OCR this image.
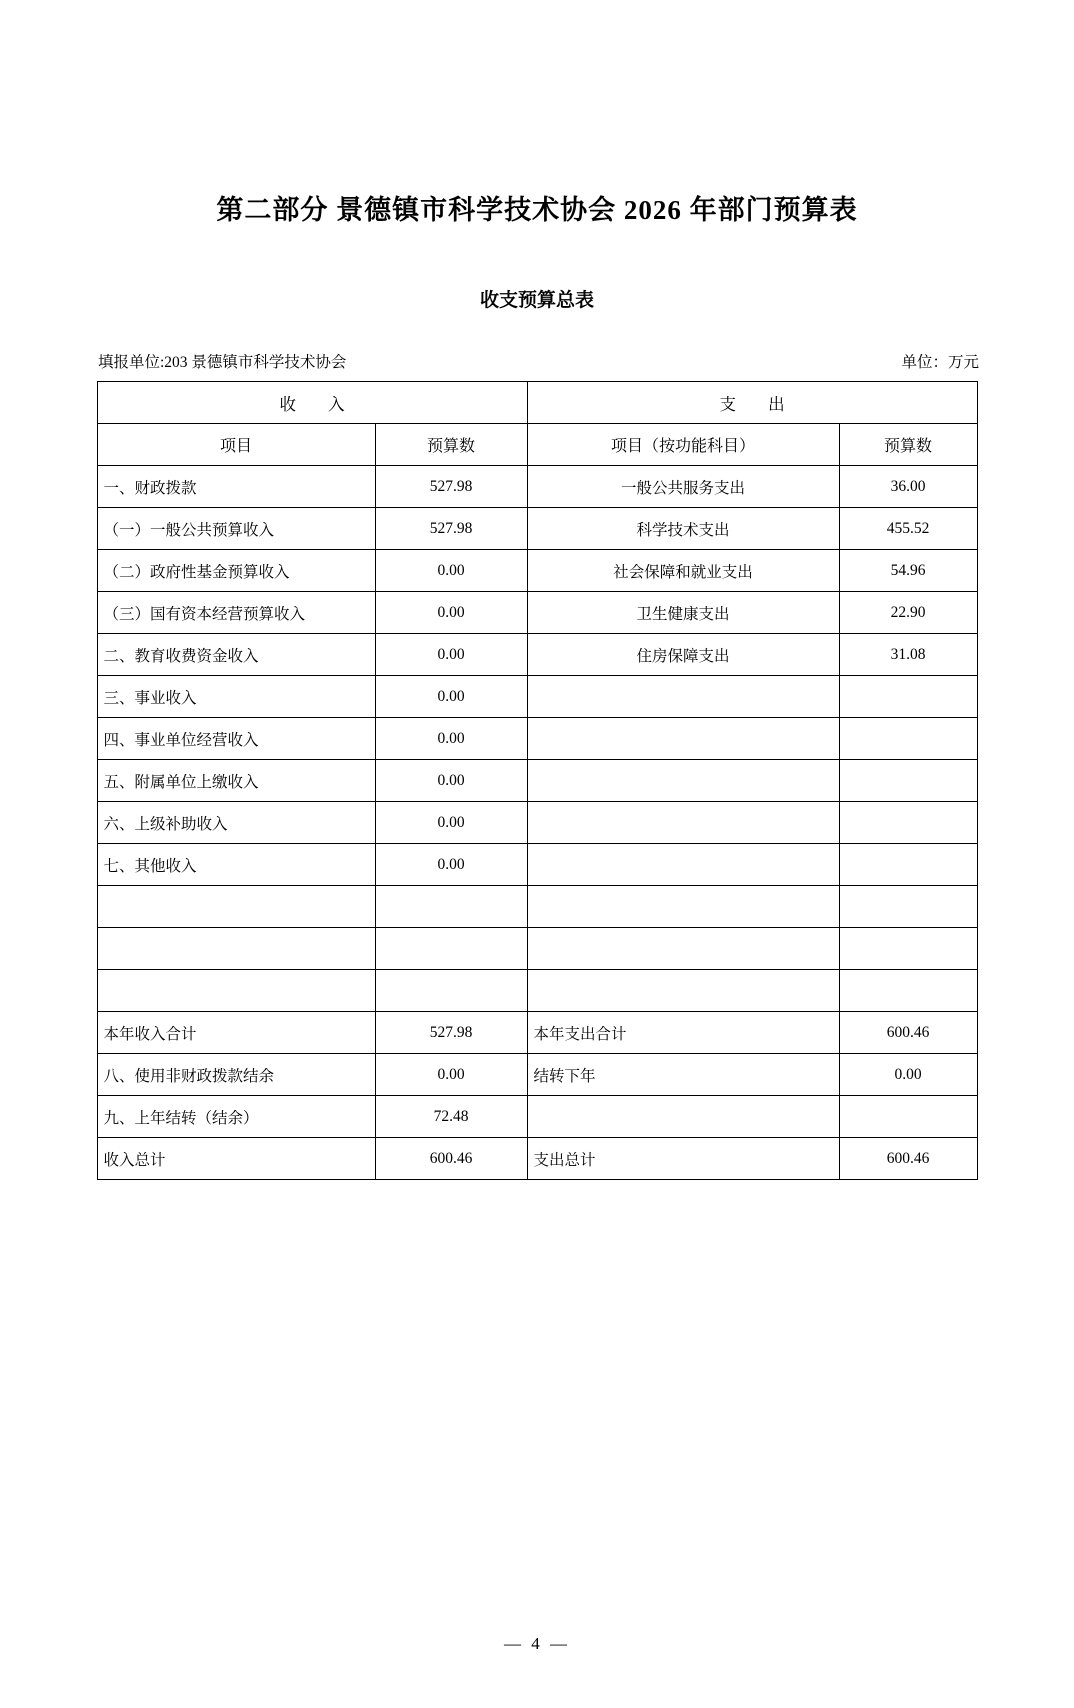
第二部分 景德镇市科学技术协会 2026 年部门预算表
收支预算总表
填报单位:203 景德镇市科学技术协会	单位：万元
收 入		支 出	
项目	预算数	项目（按功能科目）	预算数
一、财政拨款	527.98	一般公共服务支出	36.00
（一）一般公共预算收入	527.98	科学技术支出	455.52
（二）政府性基金预算收入	0.00	社会保障和就业支出	54.96
（三）国有资本经营预算收入	0.00	卫生健康支出	22.90
二、教育收费资金收入	0.00	住房保障支出	31.08
三、事业收入	0.00		
四、事业单位经营收入	0.00		
五、附属单位上缴收入	0.00		
六、上级补助收入	0.00		
七、其他收入	0.00		

本年收入合计	527.98	本年支出合计	600.46
八、使用非财政拨款结余	0.00	结转下年	0.00
九、上年结转（结余）	72.48		
收入总计	600.46	支出总计	600.46
— 4 —
